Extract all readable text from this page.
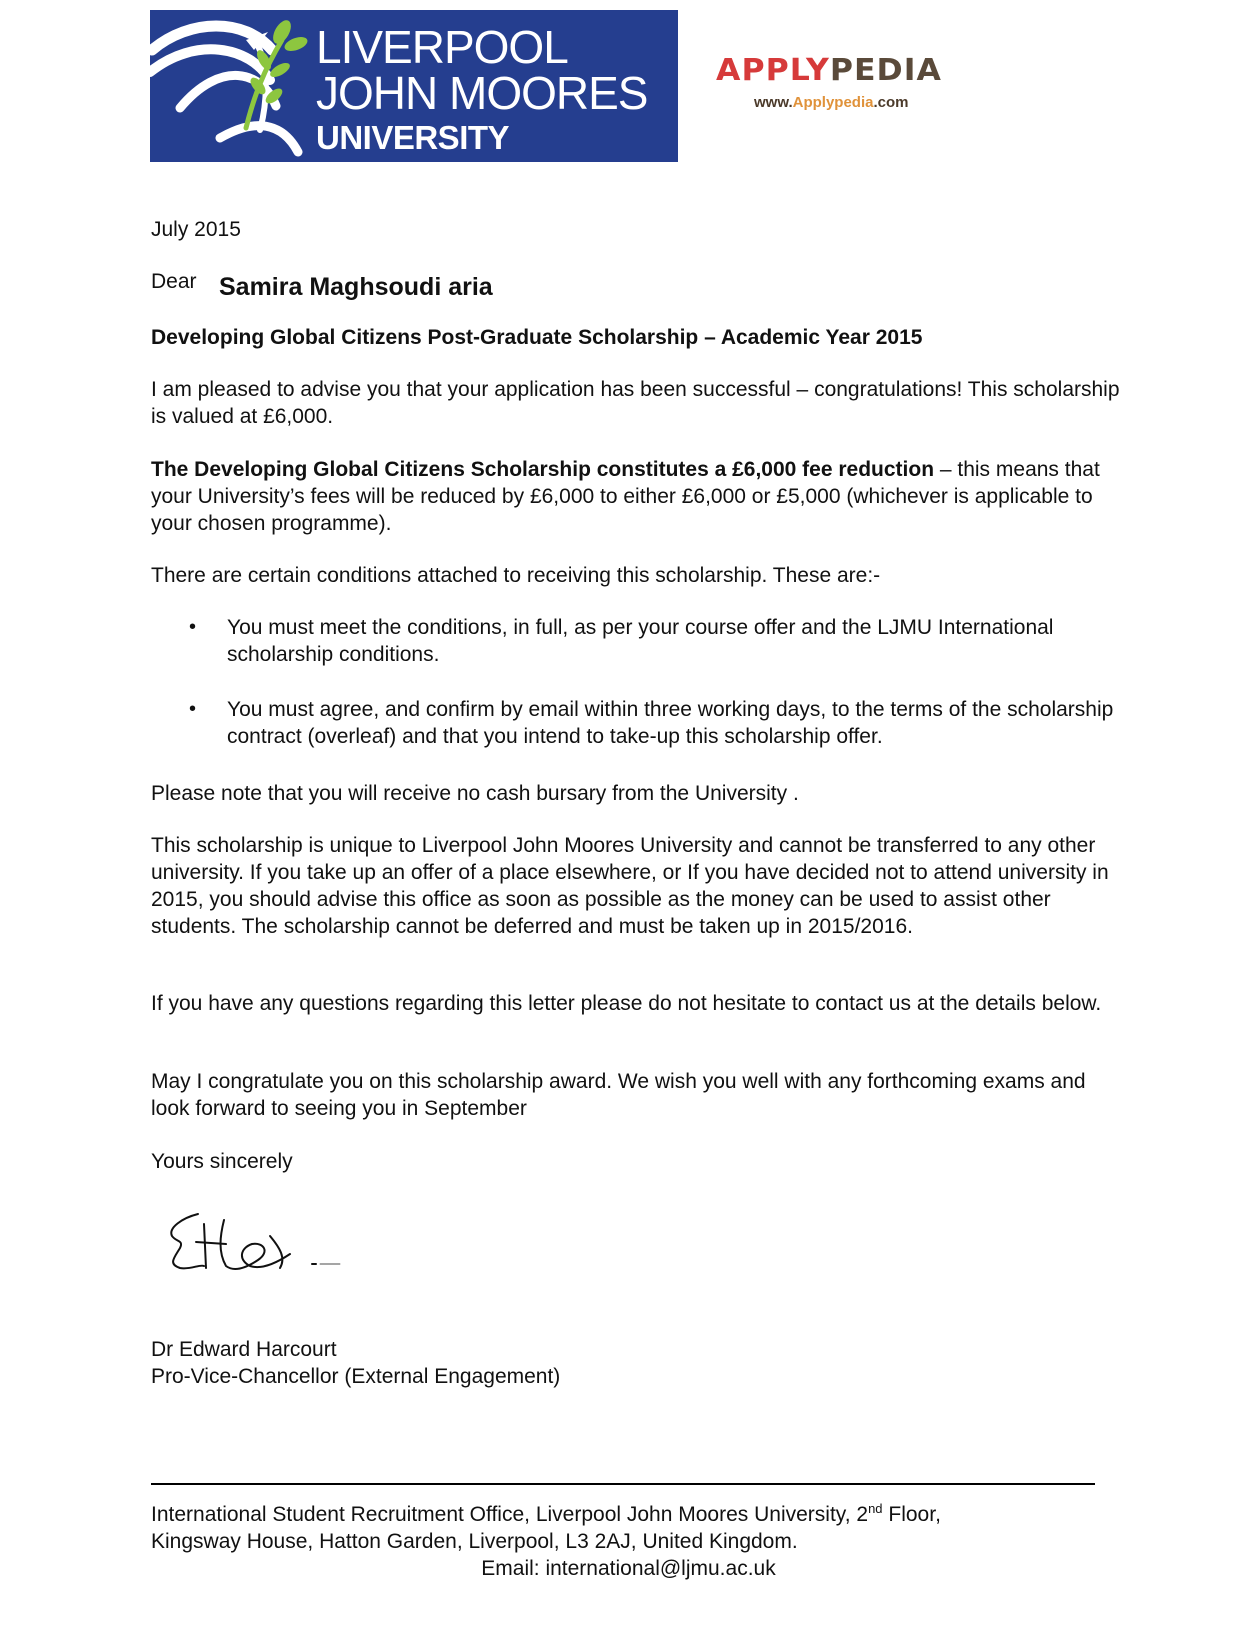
LIVERPOOL
JOHN MOORES
UNIVERSITY
APPLY PEDIA
www.Applypedia.com

July 2015

Dear Samira Maghsoudi aria

Developing Global Citizens Post-Graduate Scholarship – Academic Year 2015

I am pleased to advise you that your application has been successful – congratulations! This scholarship is valued at £6,000.

The Developing Global Citizens Scholarship constitutes a £6,000 fee reduction – this means that your University’s fees will be reduced by £6,000 to either £6,000 or £5,000 (whichever is applicable to your chosen programme).

There are certain conditions attached to receiving this scholarship. These are:-

• You must meet the conditions, in full, as per your course offer and the LJMU International scholarship conditions.
• You must agree, and confirm by email within three working days, to the terms of the scholarship contract (overleaf) and that you intend to take-up this scholarship offer.

Please note that you will receive no cash bursary from the University .

This scholarship is unique to Liverpool John Moores University and cannot be transferred to any other university. If you take up an offer of a place elsewhere, or If you have decided not to attend university in 2015, you should advise this office as soon as possible as the money can be used to assist other students. The scholarship cannot be deferred and must be taken up in 2015/2016.

If you have any questions regarding this letter please do not hesitate to contact us at the details below.

May I congratulate you on this scholarship award. We wish you well with any forthcoming exams and look forward to seeing you in September

Yours sincerely

Dr Edward Harcourt

Pro-Vice-Chancellor (External Engagement)

International Student Recruitment Office, Liverpool John Moores University, 2nd Floor,
Kingsway House, Hatton Garden, Liverpool, L3 2AJ, United Kingdom.
Email: international@ljmu.ac.uk
